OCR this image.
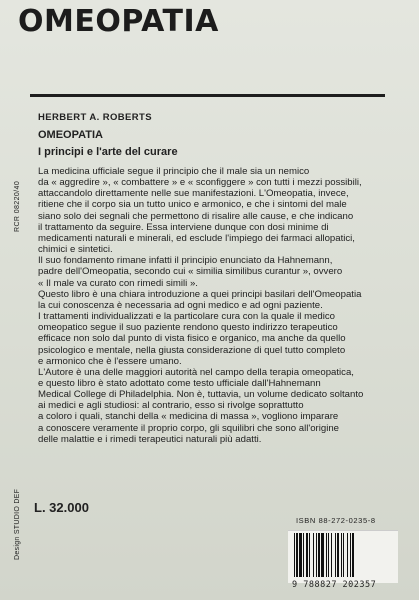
OMEOPATIA
HERBERT A. ROBERTS
OMEOPATIA
I principi e l'arte del curare
RCR 08220/40
Design STUDIO DEF
La medicina ufficiale segue il principio che il male sia un nemico
da « aggredire », « combattere » e « sconfiggere » con tutti i mezzi possibili,
attaccandolo direttamente nelle sue manifestazioni. L'Omeopatia, invece,
ritiene che il corpo sia un tutto unico e armonico, e che i sintomi del male
siano solo dei segnali che permettono di risalire alle cause, e che indicano
il trattamento da seguire. Essa interviene dunque con dosi minime di
medicamenti naturali e minerali, ed esclude l'impiego dei farmaci allopatici,
chimici e sintetici.
Il suo fondamento rimane infatti il principio enunciato da Hahnemann,
padre dell'Omeopatia, secondo cui « similia similibus curantur », ovvero
« Il male va curato con rimedi simili ».
Questo libro è una chiara introduzione a quei principi basilari dell'Omeopatia
la cui conoscenza è necessaria ad ogni medico e ad ogni paziente.
I trattamenti individualizzati e la particolare cura con la quale il medico
omeopatico segue il suo paziente rendono questo indirizzo terapeutico
efficace non solo dal punto di vista fisico e organico, ma anche da quello
psicologico e mentale, nella giusta considerazione di quel tutto completo
e armonico che è l'essere umano.
L'Autore è una delle maggiori autorità nel campo della terapia omeopatica,
e questo libro è stato adottato come testo ufficiale dall'Hahnemann
Medical College di Philadelphia. Non è, tuttavia, un volume dedicato soltanto
ai medici e agli studiosi: al contrario, esso si rivolge soprattutto
a coloro i quali, stanchi della « medicina di massa », vogliono imparare
a conoscere veramente il proprio corpo, gli squilibri che sono all'origine
delle malattie e i rimedi terapeutici naturali più adatti.
L. 32.000
ISBN 88-272-0235-8
9 788827 202357
